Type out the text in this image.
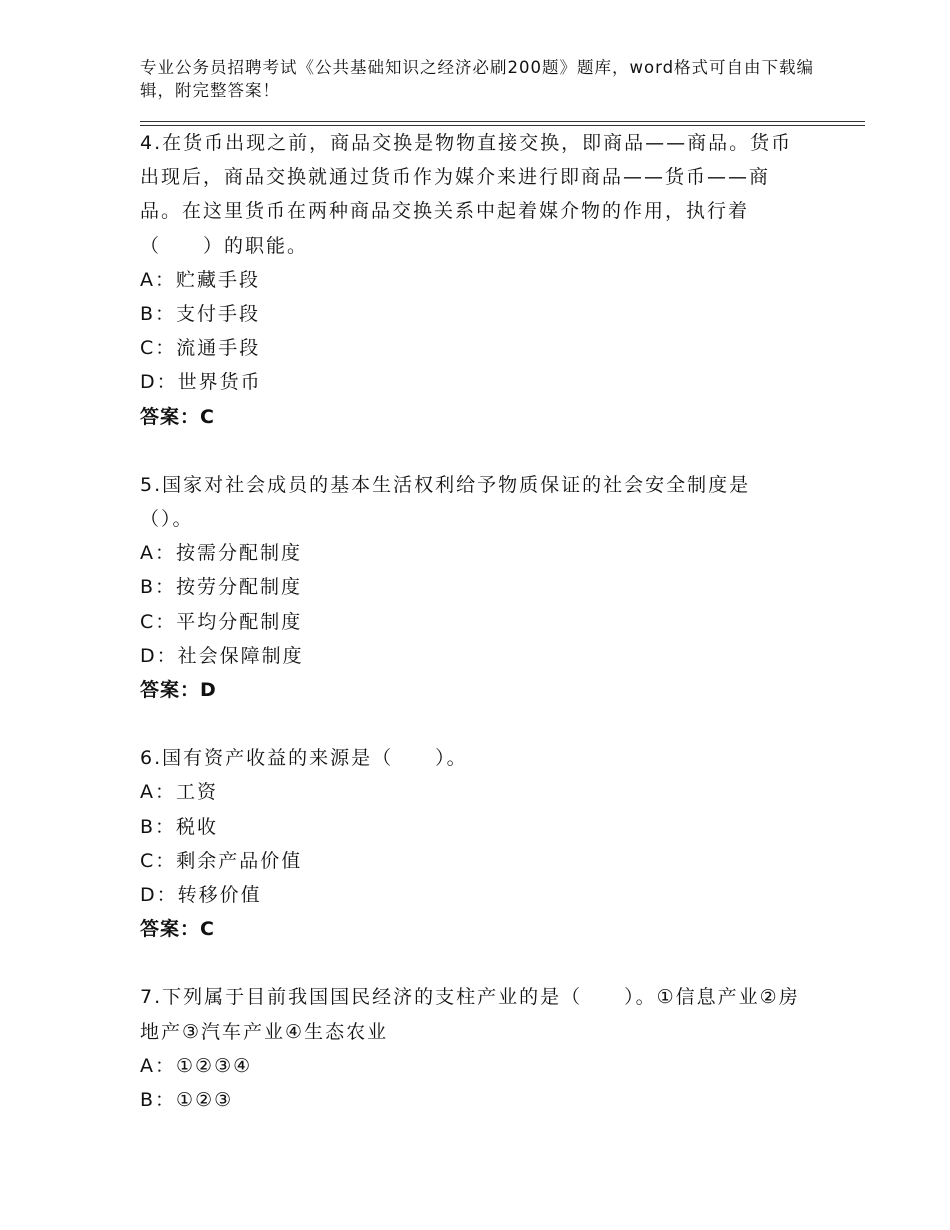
专业公务员招聘考试《公共基础知识之经济必刷200题》题库，word格式可自由下载编辑，附完整答案！
4.在货币出现之前，商品交换是物物直接交换，即商品——商品。货币出现后，商品交换就通过货币作为媒介来进行即商品——货币——商品。在这里货币在两种商品交换关系中起着媒介物的作用，执行着（　　）的职能。
A：贮藏手段
B：支付手段
C：流通手段
D：世界货币
答案：C
5.国家对社会成员的基本生活权利给予物质保证的社会安全制度是（）。
A：按需分配制度
B：按劳分配制度
C：平均分配制度
D：社会保障制度
答案：D
6.国有资产收益的来源是（　　）。
A：工资
B：税收
C：剩余产品价值
D：转移价值
答案：C
7.下列属于目前我国国民经济的支柱产业的是（　　）。①信息产业②房地产③汽车产业④生态农业
A：①②③④
B：①②③
